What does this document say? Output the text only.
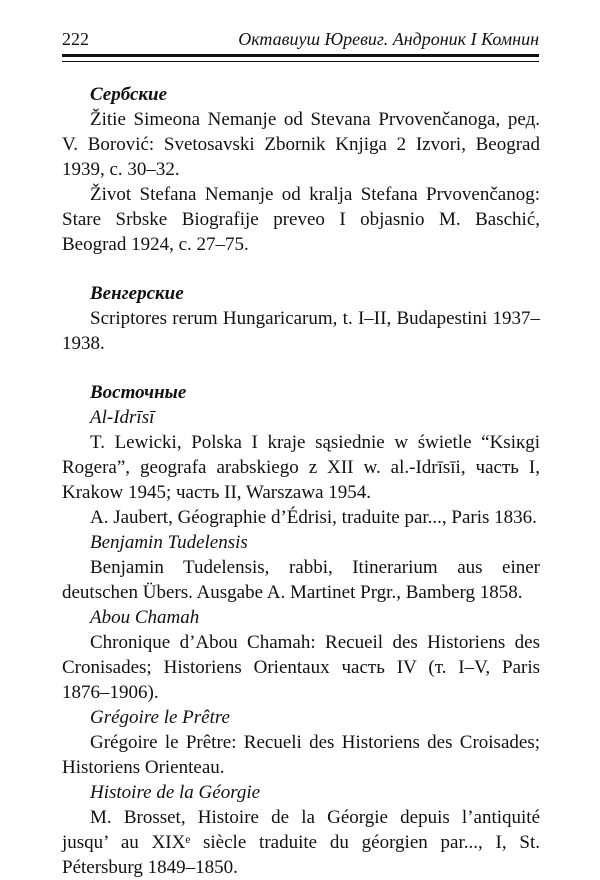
222	Октавиуш Юревиг. Андроник I Комнин
Сербские

Žitie Simeona Nemanje od Stevana Prvovenčanoga, ред. V. Borović: Svetosavski Zbornik Knjiga 2 Izvori, Beograd 1939, с. 30–32.

Život Stefana Nemanje od kralja Stefana Prvovenčanog: Stare Srbske Biografije preveo I objasnio M. Baschić, Beograd 1924, с. 27–75.

Венгерские

Scriptores rerum Hungaricarum, t. I–II, Budapestini 1937–1938.

Восточные
Al-Idrīsī

T. Lewicki, Polska I kraje sąsiednie w świetle “Ksiкgi Rogera”, geografa arabskiego z XII w. al.-Idrīsīi, часть I, Krakow 1945; часть II, Warszawa 1954.

A. Jaubert, Géographie d’Édrisi, traduite par..., Paris 1836.

Benjamin Tudelensis

Benjamin Tudelensis, rabbi, Itinerarium aus einer deutschen Übers. Ausgabe A. Martinet Prgr., Bamberg 1858.

Abou Chamah

Chronique d’Abou Chamah: Recueil des Historiens des Cronisades; Historiens Orientaux часть IV (т. I–V, Paris 1876–1906).

Grégoire le Prêtre

Grégoire le Prêtre: Recueli des Historiens des Croisades; Historiens Orienteau.

Histoire de la Géorgie

M. Brosset, Histoire de la Géorgie depuis l’antiquité jusqu’ au XIXᵉ siècle traduite du géorgien par..., I, St. Pétersburg 1849–1850.
